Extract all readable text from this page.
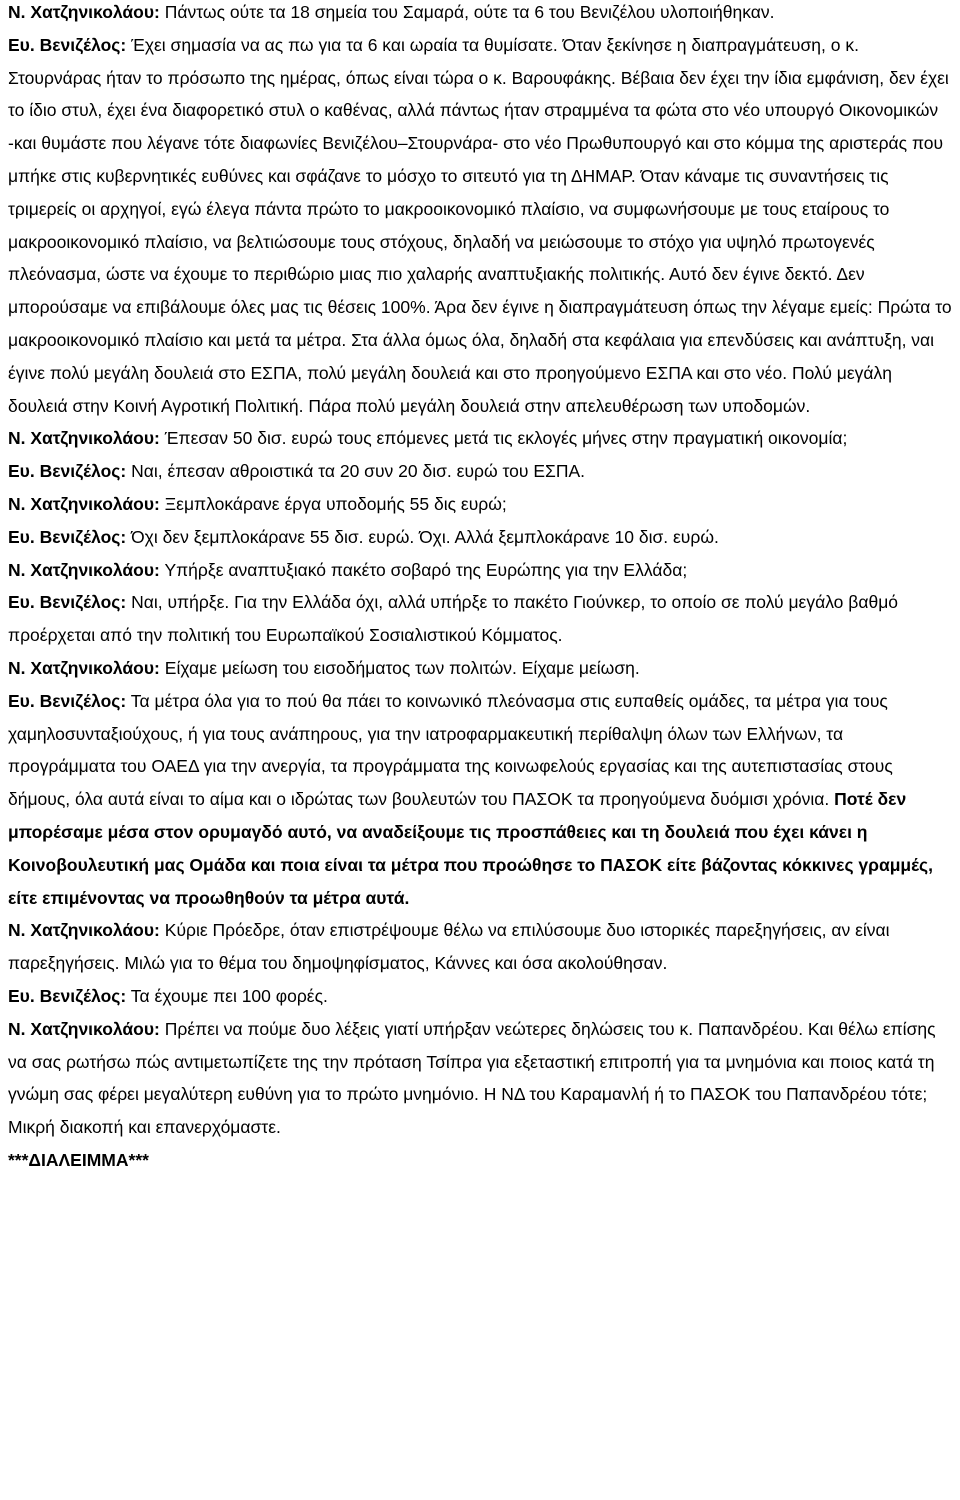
Ν. Χατζηνικολάου: Πάντως ούτε τα 18 σημεία του Σαμαρά, ούτε τα 6 του Βενιζέλου υλοποιήθηκαν.

Ευ. Βενιζέλος: Έχει σημασία να ας πω για τα 6 και ωραία τα θυμίσατε. Όταν ξεκίνησε η διαπραγμάτευση, ο κ. Στουρνάρας ήταν το πρόσωπο της ημέρας, όπως είναι τώρα ο κ. Βαρουφάκης. Βέβαια δεν έχει την ίδια εμφάνιση, δεν έχει το ίδιο στυλ, έχει ένα διαφορετικό στυλ ο καθένας, αλλά πάντως ήταν στραμμένα τα φώτα στο νέο υπουργό Οικονομικών -και θυμάστε που λέγανε τότε διαφωνίες Βενιζέλου‒Στουρνάρα- στο νέο Πρωθυπουργό και στο κόμμα της αριστεράς που μπήκε στις κυβερνητικές ευθύνες και σφάζανε το μόσχο το σιτευτό για τη ΔΗΜΑΡ. Όταν κάναμε τις συναντήσεις τις τριμερείς οι αρχηγοί, εγώ έλεγα πάντα πρώτο το μακροοικονομικό πλαίσιο, να συμφωνήσουμε με τους εταίρους το μακροοικονομικό πλαίσιο, να βελτιώσουμε τους στόχους, δηλαδή να μειώσουμε το στόχο για υψηλό πρωτογενές πλεόνασμα, ώστε να έχουμε το περιθώριο μιας πιο χαλαρής αναπτυξιακής πολιτικής. Αυτό δεν έγινε δεκτό. Δεν μπορούσαμε να επιβάλουμε όλες μας τις θέσεις 100%. Άρα δεν έγινε η διαπραγμάτευση όπως την λέγαμε εμείς: Πρώτα το μακροοικονομικό πλαίσιο και μετά τα μέτρα. Στα άλλα όμως όλα, δηλαδή στα κεφάλαια για επενδύσεις και ανάπτυξη, ναι έγινε πολύ μεγάλη δουλειά στο ΕΣΠΑ, πολύ μεγάλη δουλειά και στο προηγούμενο ΕΣΠΑ και στο νέο. Πολύ μεγάλη δουλειά στην Κοινή Αγροτική Πολιτική. Πάρα πολύ μεγάλη δουλειά στην απελευθέρωση των υποδομών.

Ν. Χατζηνικολάου: Έπεσαν 50 δισ. ευρώ τους επόμενες μετά τις εκλογές μήνες στην πραγματική οικονομία;

Ευ. Βενιζέλος: Ναι, έπεσαν αθροιστικά τα 20 συν 20 δισ. ευρώ του ΕΣΠΑ.

Ν. Χατζηνικολάου: Ξεμπλοκάρανε έργα υποδομής 55 δις ευρώ;

Ευ. Βενιζέλος: Όχι δεν ξεμπλοκάρανε 55 δισ. ευρώ. Όχι. Αλλά ξεμπλοκάρανε 10 δισ. ευρώ.

Ν. Χατζηνικολάου: Υπήρξε αναπτυξιακό πακέτο σοβαρό της Ευρώπης για την Ελλάδα;

Ευ. Βενιζέλος: Ναι, υπήρξε. Για την Ελλάδα όχι, αλλά υπήρξε το πακέτο Γιούνκερ, το οποίο σε πολύ μεγάλο βαθμό προέρχεται από την πολιτική του Ευρωπαϊκού Σοσιαλιστικού Κόμματος.

Ν. Χατζηνικολάου: Είχαμε μείωση του εισοδήματος των πολιτών. Είχαμε μείωση.

Ευ. Βενιζέλος: Τα μέτρα όλα για το πού θα πάει το κοινωνικό πλεόνασμα στις ευπαθείς ομάδες, τα μέτρα για τους χαμηλοσυνταξιούχους, ή για τους ανάπηρους, για την ιατροφαρμακευτική περίθαλψη όλων των Ελλήνων, τα προγράμματα του ΟΑΕΔ για την ανεργία, τα προγράμματα της κοινωφελούς εργασίας και της αυτεπιστασίας στους δήμους, όλα αυτά είναι το αίμα και ο ιδρώτας των βουλευτών του ΠΑΣΟΚ τα προηγούμενα δυόμισι χρόνια. Ποτέ δεν μπορέσαμε μέσα στον ορυμαγδό αυτό, να αναδείξουμε τις προσπάθειες και τη δουλειά που έχει κάνει η Κοινοβουλευτική μας Ομάδα και ποια είναι τα μέτρα που προώθησε το ΠΑΣΟΚ είτε βάζοντας κόκκινες γραμμές, είτε επιμένοντας να προωθηθούν τα μέτρα αυτά.

Ν. Χατζηνικολάου: Κύριε Πρόεδρε, όταν επιστρέψουμε θέλω να επιλύσουμε δυο ιστορικές παρεξηγήσεις, αν είναι παρεξηγήσεις. Μιλώ για το θέμα του δημοψηφίσματος, Κάννες και όσα ακολούθησαν.

Ευ. Βενιζέλος: Τα έχουμε πει 100 φορές.

Ν. Χατζηνικολάου: Πρέπει να πούμε δυο λέξεις γιατί υπήρξαν νεώτερες δηλώσεις του κ. Παπανδρέου. Και θέλω επίσης να σας ρωτήσω πώς αντιμετωπίζετε της την πρόταση Τσίπρα για εξεταστική επιτροπή για τα μνημόνια και ποιος κατά τη γνώμη σας φέρει μεγαλύτερη ευθύνη για το πρώτο μνημόνιο. Η ΝΔ του Καραμανλή ή το ΠΑΣΟΚ του Παπανδρέου τότε; Μικρή διακοπή και επανερχόμαστε.

***ΔΙΑΛΕΙΜΜΑ***
